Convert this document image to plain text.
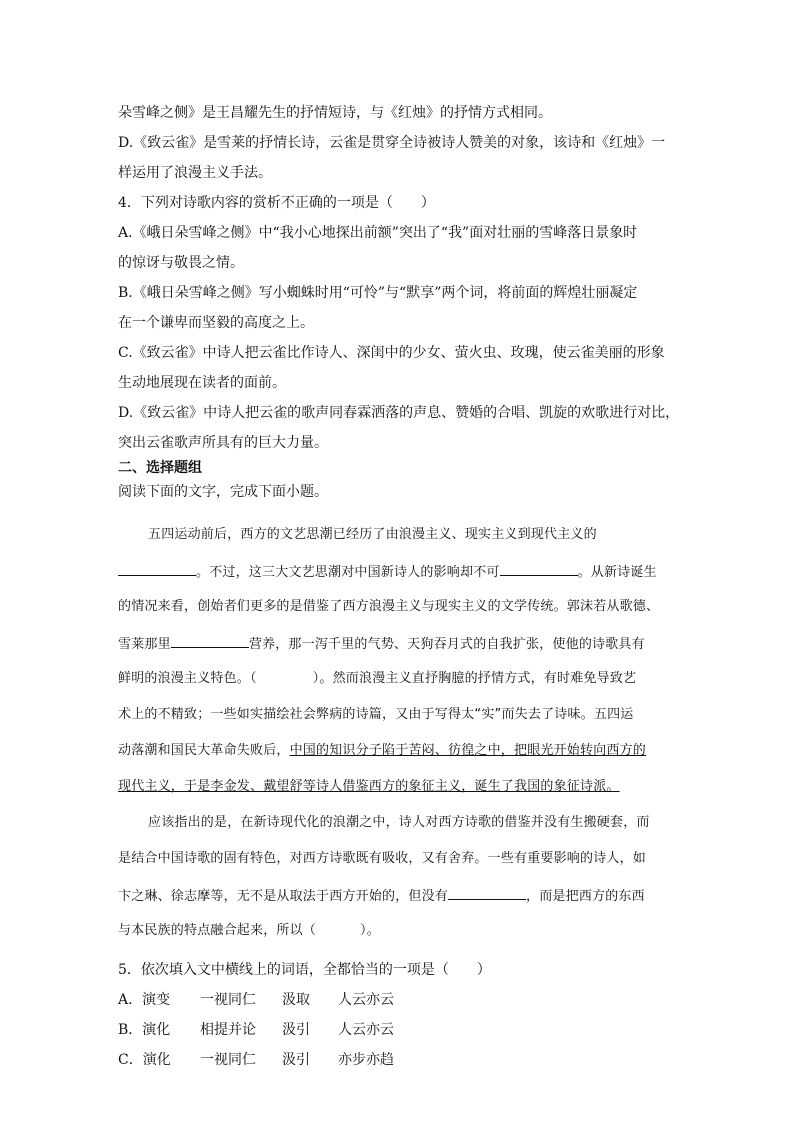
朵雪峰之侧》是王昌耀先生的抒情短诗，与《红烛》的抒情方式相同。
D.《致云雀》是雪莱的抒情长诗，云雀是贯穿全诗被诗人赞美的对象，该诗和《红烛》一
样运用了浪漫主义手法。
4．下列对诗歌内容的赏析不正确的一项是（　　）
A.《峨日朵雪峰之侧》中“我小心地探出前额”突出了“我”面对壮丽的雪峰落日景象时
的惊讶与敬畏之情。
B.《峨日朵雪峰之侧》写小蜘蛛时用“可怜”与“默享”两个词，将前面的辉煌壮丽凝定
在一个谦卑而坚毅的高度之上。
C.《致云雀》中诗人把云雀比作诗人、深闺中的少女、萤火虫、玫瑰，使云雀美丽的形象
生动地展现在读者的面前。
D.《致云雀》中诗人把云雀的歌声同春霖洒落的声息、赞婚的合唱、凯旋的欢歌进行对比，
突出云雀歌声所具有的巨大力量。
二、选择题组
阅读下面的文字，完成下面小题。
五四运动前后，西方的文艺思潮已经历了由浪漫主义、现实主义到现代主义的
。不过，这三大文艺思潮对中国新诗人的影响却不可	。从新诗诞生
的情况来看，创始者们更多的是借鉴了西方浪漫主义与现实主义的文学传统。郭沫若从歌德、
雪莱那里	营养，那一泻千里的气势、天狗吞月式的自我扩张，使他的诗歌具有
鲜明的浪漫主义特色。（	）。然而浪漫主义直抒胸臆的抒情方式，有时难免导致艺
术上的不精致；一些如实描绘社会弊病的诗篇，又由于写得太“实”而失去了诗味。五四运
动落潮和国民大革命失败后，中国的知识分子陷于苦闷、彷徨之中，把眼光开始转向西方的
现代主义，于是李金发、戴望舒等诗人借鉴西方的象征主义，诞生了我国的象征诗派。
应该指出的是，在新诗现代化的浪潮之中，诗人对西方诗歌的借鉴并没有生搬硬套，而
是结合中国诗歌的固有特色，对西方诗歌既有吸收，又有舍弃。一些有重要影响的诗人，如
卞之琳、徐志摩等，无不是从取法于西方开始的，但没有	，而是把西方的东西
与本民族的特点融合起来，所以（	）。
5．依次填入文中横线上的词语，全都恰当的一项是（　　）
A．演变 一视同仁 汲取 人云亦云
B．演化 相提并论 汲引 人云亦云
C．演化 一视同仁 汲引 亦步亦趋
